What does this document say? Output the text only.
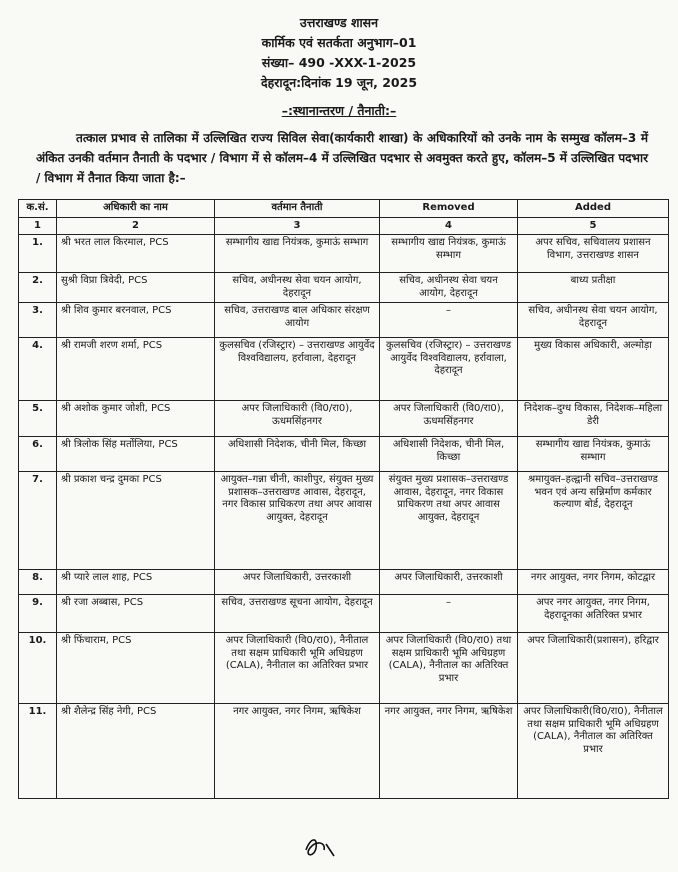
उत्तराखण्ड शासन
कार्मिक एवं सतर्कता अनुभाग–01
संख्या– 490 -XXX-1-2025
देहरादून:दिनांक 19 जून, 2025
–:स्थानान्तरण / तैनाती:–
तत्काल प्रभाव से तालिका में उल्लिखित राज्य सिविल सेवा(कार्यकारी शाखा) के अधिकारियों को उनके नाम के सम्मुख कॉलम–3 में अंकित उनकी वर्तमान तैनाती के पदभार / विभाग में से कॉलम–4 में उल्लिखित पदभार से अवमुक्त करते हुए, कॉलम–5 में उल्लिखित पदभार / विभाग में तैनात किया जाता है:–
क.सं.	अधिकारी का नाम	वर्तमान तैनाती	Removed	Added
1	2	3	4	5
1.	श्री भरत लाल किरमाल, PCS	सम्भागीय खाद्य नियंत्रक, कुमाऊं सम्भाग	सम्भागीय खाद्य नियंत्रक, कुमाऊं सम्भाग	अपर सचिव, सचिवालय प्रशासन विभाग, उत्तराखण्ड शासन
2.	सुश्री विप्रा त्रिवेदी, PCS	सचिव, अधीनस्थ सेवा चयन आयोग, देहरादून	सचिव, अधीनस्थ सेवा चयन आयोग, देहरादून	बाध्य प्रतीक्षा
3.	श्री शिव कुमार बरनवाल, PCS	सचिव, उत्तराखण्ड बाल अधिकार संरक्षण आयोग	–	सचिव, अधीनस्थ सेवा चयन आयोग, देहरादून
4.	श्री रामजी शरण शर्मा, PCS	कुलसचिव (रजिस्ट्रार) – उत्तराखण्ड आयुर्वेद विश्वविद्यालय, हर्रावाला, देहरादून	कुलसचिव (रजिस्ट्रार) – उत्तराखण्ड आयुर्वेद विश्वविद्यालय, हर्रावाला, देहरादून	मुख्य विकास अधिकारी, अल्मोड़ा
5.	श्री अशोक कुमार जोशी, PCS	अपर जिलाधिकारी (वि0/रा0), ऊधमसिंहनगर	अपर जिलाधिकारी (वि0/रा0), ऊधमसिंहनगर	निदेशक–दुग्ध विकास, निदेशक–महिला डेरी
6.	श्री त्रिलोक सिंह मर्तोलिया, PCS	अधिशासी निदेशक, चीनी मिल, किच्छा	अधिशासी निदेशक, चीनी मिल, किच्छा	सम्भागीय खाद्य नियंत्रक, कुमाऊं सम्भाग
7.	श्री प्रकाश चन्द्र दुमका PCS	आयुक्त–गन्ना चीनी, काशीपुर, संयुक्त मुख्य प्रशासक–उत्तराखण्ड आवास, देहरादून, नगर विकास प्राधिकरण तथा अपर आवास आयुक्त, देहरादून	संयुक्त मुख्य प्रशासक–उत्तराखण्ड आवास, देहरादून, नगर विकास प्राधिकरण तथा अपर आवास आयुक्त, देहरादून	श्रमायुक्त–हल्द्वानी सचिव–उत्तराखण्ड भवन एवं अन्य सन्निर्माण कर्मकार कल्याण बोर्ड, देहरादून
8.	श्री प्यारे लाल शाह, PCS	अपर जिलाधिकारी, उत्तरकाशी	अपर जिलाधिकारी, उत्तरकाशी	नगर आयुक्त, नगर निगम, कोटद्वार
9.	श्री रजा अब्बास, PCS	सचिव, उत्तराखण्ड सूचना आयोग, देहरादून	–	अपर नगर आयुक्त, नगर निगम, देहरादूनका अतिरिक्त प्रभार
10.	श्री फिंचाराम, PCS	अपर जिलाधिकारी (वि0/रा0), नैनीताल तथा सक्षम प्राधिकारी भूमि अधिग्रहण (CALA), नैनीताल का अतिरिक्त प्रभार	अपर जिलाधिकारी (वि0/रा0) तथा सक्षम प्राधिकारी भूमि अधिग्रहण (CALA), नैनीताल का अतिरिक्त प्रभार	अपर जिलाधिकारी(प्रशासन), हरिद्वार
11.	श्री शैलेन्द्र सिंह नेगी, PCS	नगर आयुक्त, नगर निगम, ऋषिकेश	नगर आयुक्त, नगर निगम, ऋषिकेश	अपर जिलाधिकारी(वि0/रा0), नैनीताल तथा सक्षम प्राधिकारी भूमि अधिग्रहण (CALA), नैनीताल का अतिरिक्त प्रभार
